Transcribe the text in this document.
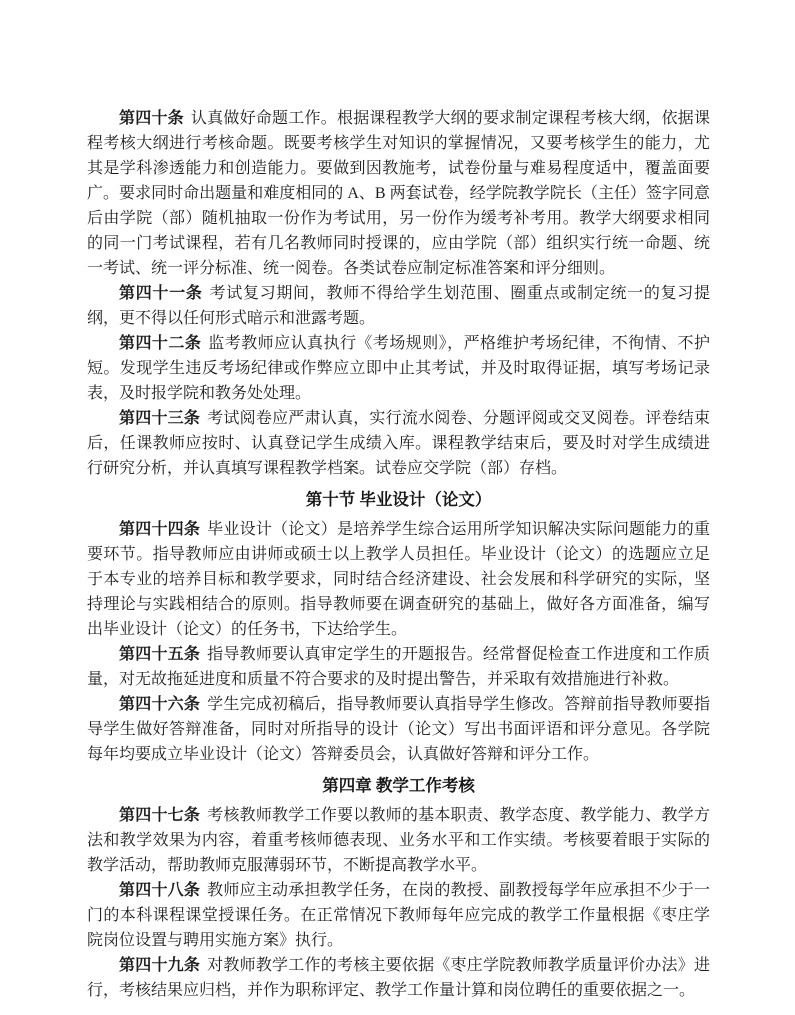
第四十条 认真做好命题工作。根据课程教学大纲的要求制定课程考核大纲，依据课程考核大纲进行考核命题。既要考核学生对知识的掌握情况，又要考核学生的能力，尤其是学科渗透能力和创造能力。要做到因教施考，试卷份量与难易程度适中，覆盖面要广。要求同时命出题量和难度相同的 A、B 两套试卷，经学院教学院长（主任）签字同意后由学院（部）随机抽取一份作为考试用，另一份作为缓考补考用。教学大纲要求相同的同一门考试课程，若有几名教师同时授课的，应由学院（部）组织实行统一命题、统一考试、统一评分标准、统一阅卷。各类试卷应制定标准答案和评分细则。

第四十一条 考试复习期间，教师不得给学生划范围、圈重点或制定统一的复习提纲，更不得以任何形式暗示和泄露考题。

第四十二条 监考教师应认真执行《考场规则》，严格维护考场纪律，不徇情、不护短。发现学生违反考场纪律或作弊应立即中止其考试，并及时取得证据，填写考场记录表，及时报学院和教务处处理。

第四十三条 考试阅卷应严肃认真，实行流水阅卷、分题评阅或交叉阅卷。评卷结束后，任课教师应按时、认真登记学生成绩入库。课程教学结束后，要及时对学生成绩进行研究分析，并认真填写课程教学档案。试卷应交学院（部）存档。

第十节 毕业设计（论文）

第四十四条 毕业设计（论文）是培养学生综合运用所学知识解决实际问题能力的重要环节。指导教师应由讲师或硕士以上教学人员担任。毕业设计（论文）的选题应立足于本专业的培养目标和教学要求，同时结合经济建设、社会发展和科学研究的实际，坚持理论与实践相结合的原则。指导教师要在调查研究的基础上，做好各方面准备，编写出毕业设计（论文）的任务书，下达给学生。

第四十五条 指导教师要认真审定学生的开题报告。经常督促检查工作进度和工作质量，对无故拖延进度和质量不符合要求的及时提出警告，并采取有效措施进行补救。

第四十六条 学生完成初稿后，指导教师要认真指导学生修改。答辩前指导教师要指导学生做好答辩准备，同时对所指导的设计（论文）写出书面评语和评分意见。各学院每年均要成立毕业设计（论文）答辩委员会，认真做好答辩和评分工作。

第四章 教学工作考核

第四十七条 考核教师教学工作要以教师的基本职责、教学态度、教学能力、教学方法和教学效果为内容，着重考核师德表现、业务水平和工作实绩。考核要着眼于实际的教学活动，帮助教师克服薄弱环节，不断提高教学水平。

第四十八条 教师应主动承担教学任务，在岗的教授、副教授每学年应承担不少于一门的本科课程课堂授课任务。在正常情况下教师每年应完成的教学工作量根据《枣庄学院岗位设置与聘用实施方案》执行。

第四十九条 对教师教学工作的考核主要依据《枣庄学院教师教学质量评价办法》进行，考核结果应归档，并作为职称评定、教学工作量计算和岗位聘任的重要依据之一。
